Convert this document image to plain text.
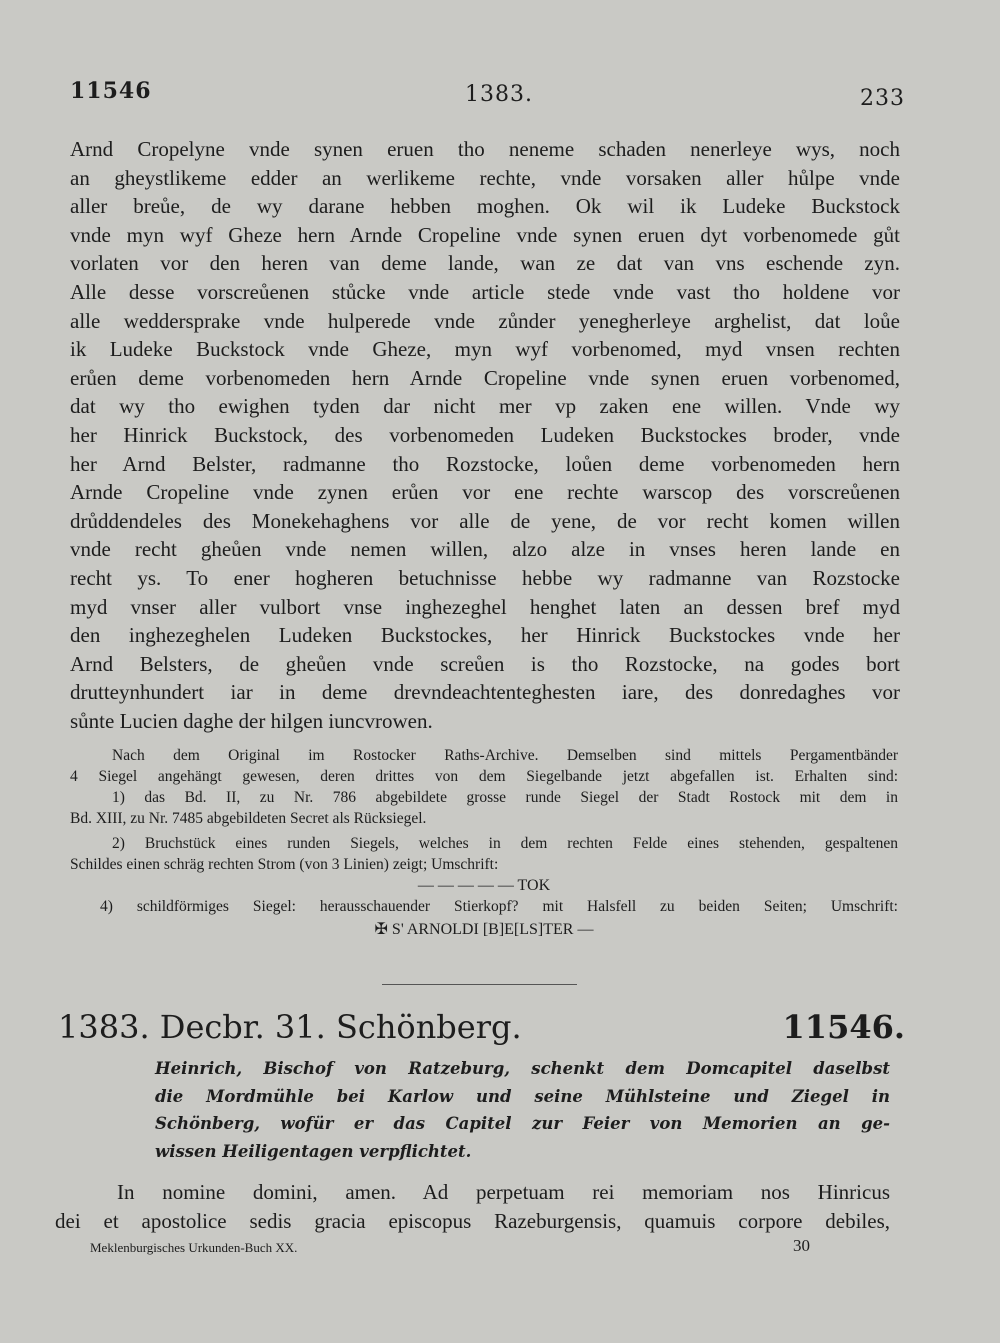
11546	1383.	233
Arnd Cropelyne vnde synen eruen tho neneme schaden nenerleye wys, noch
an gheystlikeme edder an werlikeme rechte, vnde vorsaken aller hůlpe vnde
aller breůe, de wy darane hebben moghen. Ok wil ik Ludeke Buckstock
vnde myn wyf Gheze hern Arnde Cropeline vnde synen eruen dyt vorbenomede gůt
vorlaten vor den heren van deme lande, wan ze dat van vns eschende zyn.
Alle desse vorscreůenen stůcke vnde article stede vnde vast tho holdene vor
alle weddersprake vnde hulperede vnde zůnder yenegherleye arghelist, dat loůe
ik Ludeke Buckstock vnde Gheze, myn wyf vorbenomed, myd vnsen rechten
erůen deme vorbenomeden hern Arnde Cropeline vnde synen eruen vorbenomed,
dat wy tho ewighen tyden dar nicht mer vp zaken ene willen. Vnde wy
her Hinrick Buckstock, des vorbenomeden Ludeken Buckstockes broder, vnde
her Arnd Belster, radmanne tho Rozstocke, loůen deme vorbenomeden hern
Arnde Cropeline vnde zynen erůen vor ene rechte warscop des vorscreůenen
drůddendeles des Monekehaghens vor alle de yene, de vor recht komen willen
vnde recht gheůen vnde nemen willen, alzo alze in vnses heren lande en
recht ys. To ener hogheren betuchnisse hebbe wy radmanne van Rozstocke
myd vnser aller vulbort vnse inghezeghel henghet laten an dessen bref myd
den inghezeghelen Ludeken Buckstockes, her Hinrick Buckstockes vnde her
Arnd Belsters, de gheůen vnde screůen is tho Rozstocke, na godes bort
drutteynhundert iar in deme drevndeachtenteghesten iare, des donredaghes vor
sůnte Lucien daghe der hilgen iuncvrowen.
Nach dem Original im Rostocker Raths-Archive. Demselben sind mittels Pergamentbänder
4 Siegel angehängt gewesen, deren drittes von dem Siegelbande jetzt abgefallen ist. Erhalten sind:
1) das Bd. II, zu Nr. 786 abgebildete grosse runde Siegel der Stadt Rostock mit dem in
Bd. XIII, zu Nr. 7485 abgebildeten Secret als Rücksiegel.
2) Bruchstück eines runden Siegels, welches in dem rechten Felde eines stehenden, gespaltenen
Schildes einen schräg rechten Strom (von 3 Linien) zeigt; Umschrift:
— — — — — TOK
4) schildförmiges Siegel: herausschauender Stierkopf? mit Halsfell zu beiden Seiten; Umschrift:
✠ S' ARNOLDI [B]E[LS]TER —
1383. Decbr. 31. Schönberg.	11546.
Heinrich, Bischof von Ratzeburg, schenkt dem Domcapitel daselbst
die Mordmühle bei Karlow und seine Mühlsteine und Ziegel in
Schönberg, wofür er das Capitel zur Feier von Memorien an ge-
wissen Heiligentagen verpflichtet.
In nomine domini, amen. Ad perpetuam rei memoriam nos Hinricus
dei et apostolice sedis gracia episcopus Razeburgensis, quamuis corpore debiles,
Meklenburgisches Urkunden-Buch XX.	30
